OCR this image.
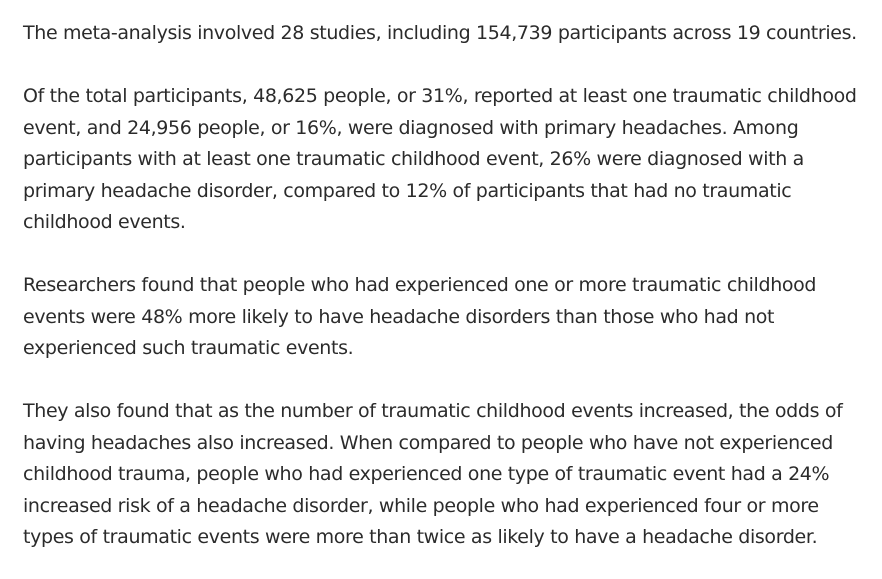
The meta-analysis involved 28 studies, including 154,739 participants across 19 countries.

Of the total participants, 48,625 people, or 31%, reported at least one traumatic childhood event, and 24,956 people, or 16%, were diagnosed with primary headaches. Among participants with at least one traumatic childhood event, 26% were diagnosed with a primary headache disorder, compared to 12% of participants that had no traumatic childhood events.

Researchers found that people who had experienced one or more traumatic childhood events were 48% more likely to have headache disorders than those who had not experienced such traumatic events.

They also found that as the number of traumatic childhood events increased, the odds of having headaches also increased. When compared to people who have not experienced childhood trauma, people who had experienced one type of traumatic event had a 24% increased risk of a headache disorder, while people who had experienced four or more types of traumatic events were more than twice as likely to have a headache disorder.
